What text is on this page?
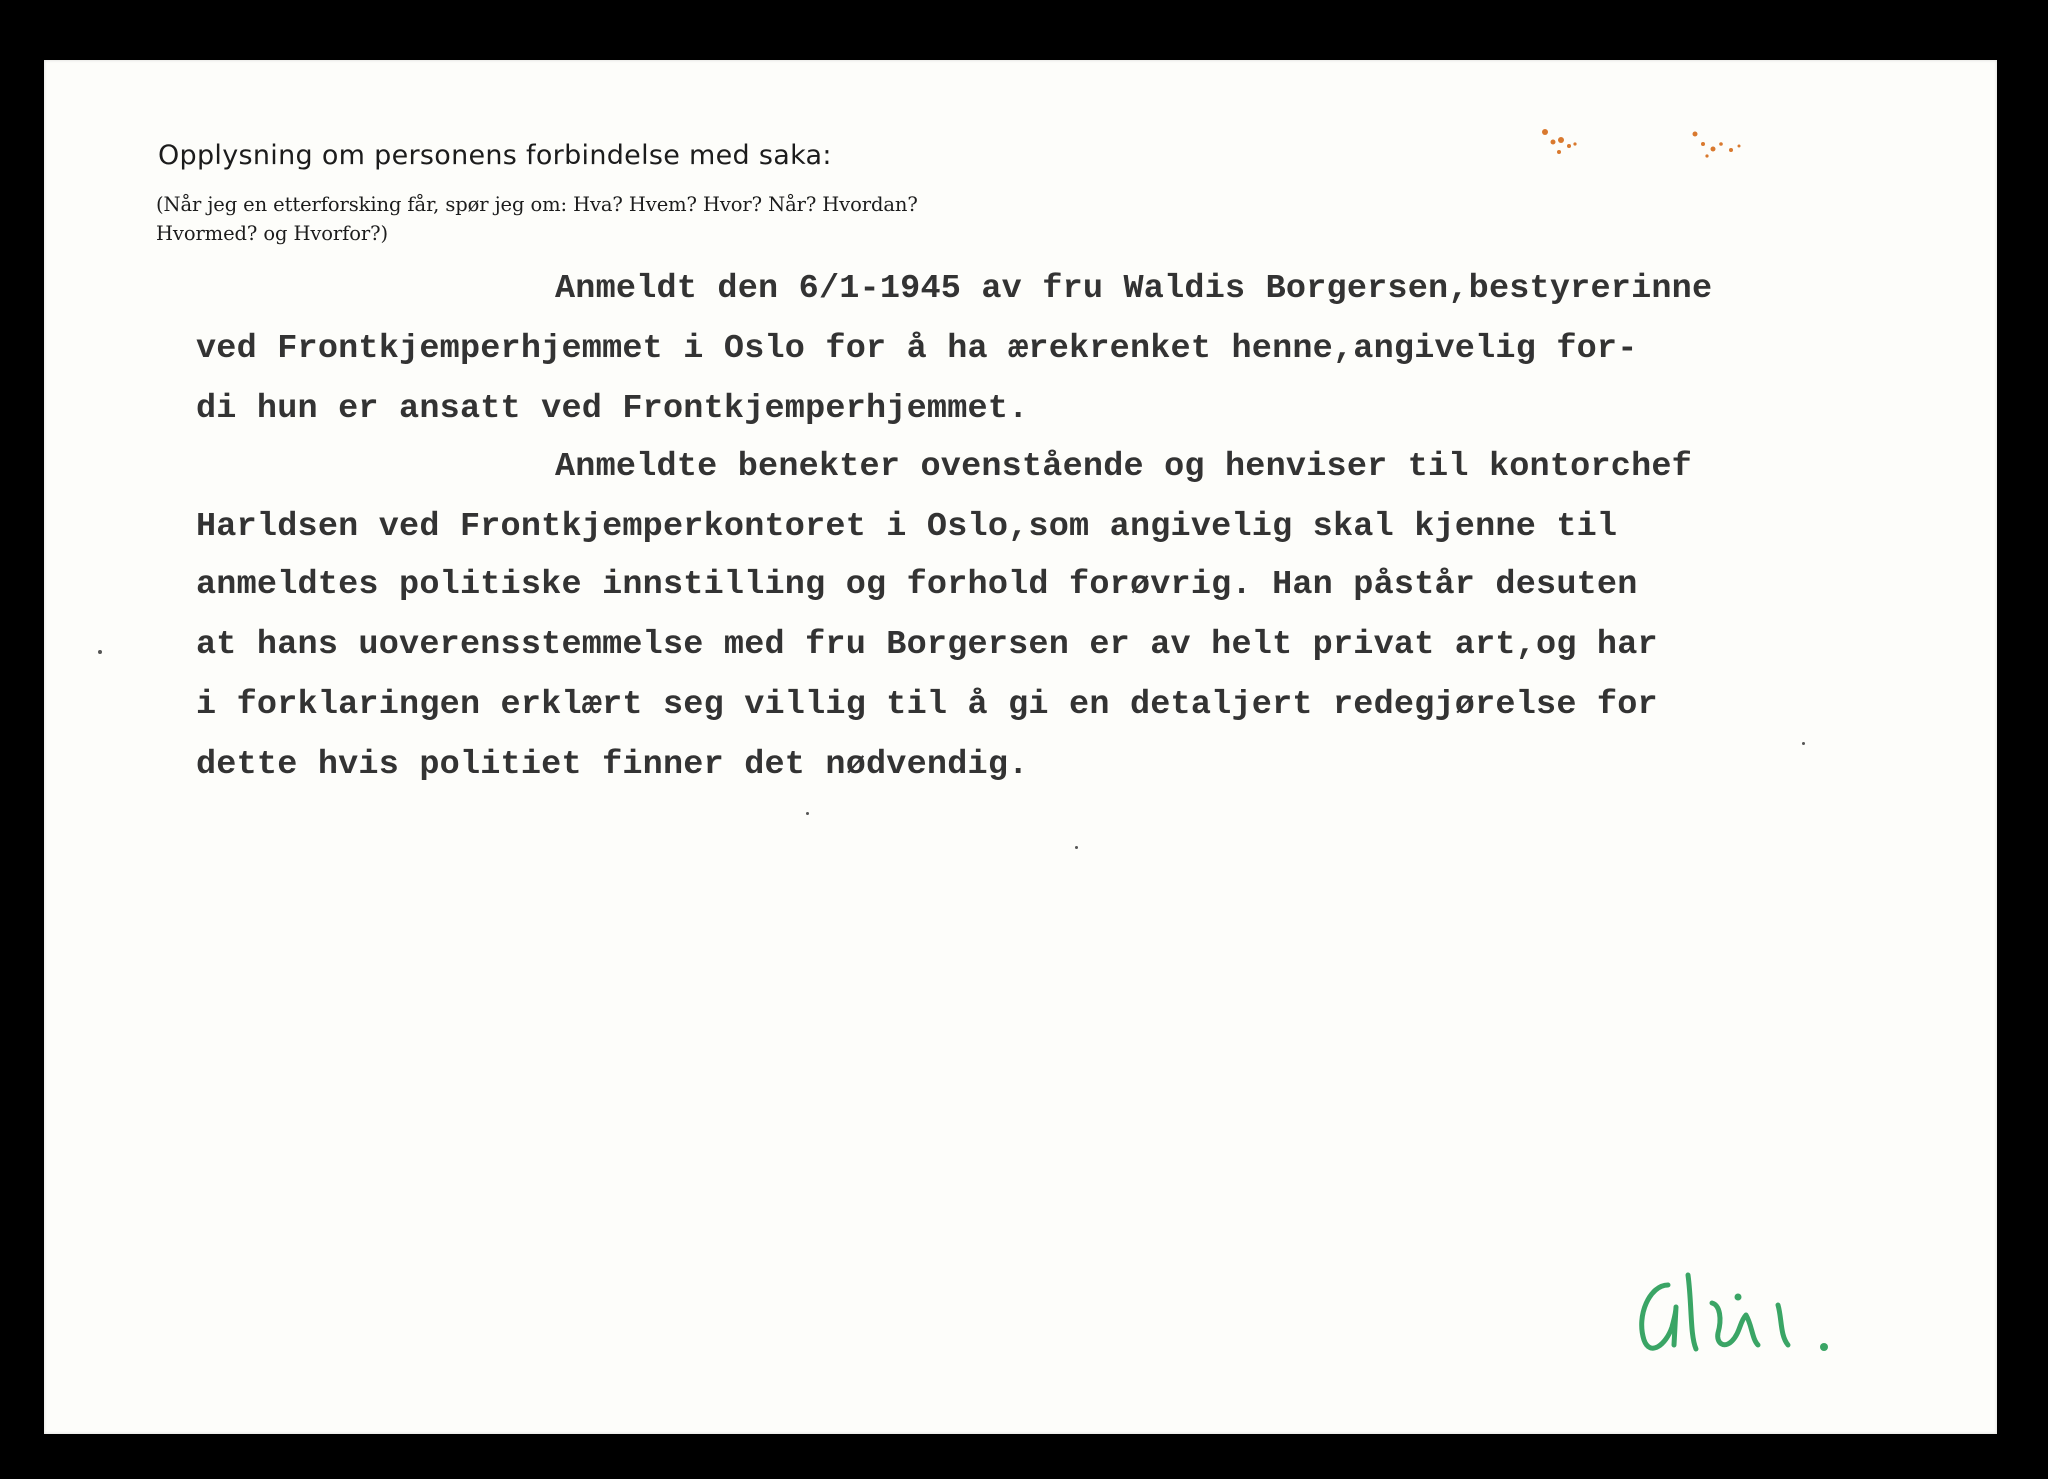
Opplysning om personens forbindelse med saka:
(Når jeg en etterforsking får, spør jeg om: Hva? Hvem? Hvor? Når? Hvordan?
Hvormed? og Hvorfor?)
Anmeldt den 6/1-1945 av fru Waldis Borgersen,bestyrerinne
ved Frontkjemperhjemmet i Oslo for å ha ærekrenket henne,angivelig for-
di hun er ansatt ved Frontkjemperhjemmet.
Anmeldte benekter ovenstående og henviser til kontorchef
Harldsen ved Frontkjemperkontoret i Oslo,som angivelig skal kjenne til
anmeldtes politiske innstilling og forhold forøvrig. Han påstår desuten
at hans uoverensstemmelse med fru Borgersen er av helt privat art,og har
i forklaringen erklært seg villig til å gi en detaljert redegjørelse for
dette hvis politiet finner det nødvendig.
